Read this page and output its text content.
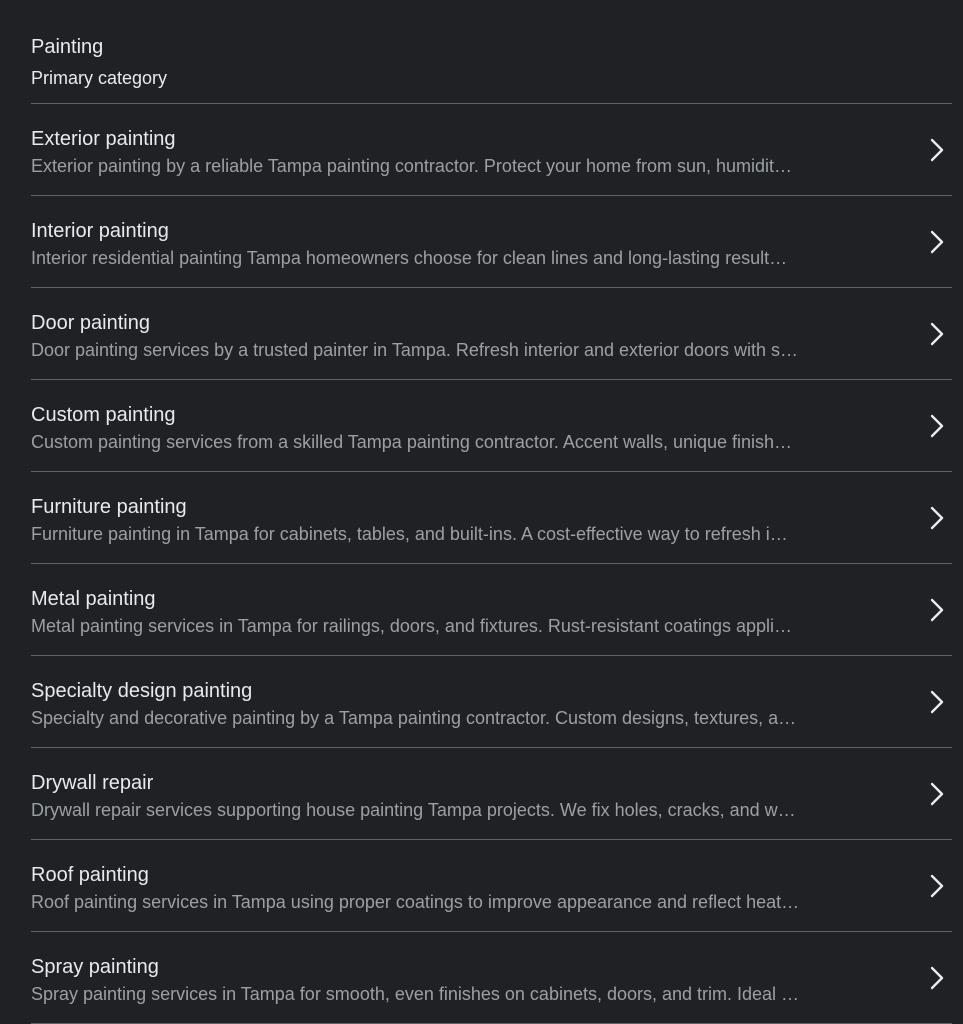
Painting
Primary category
Exterior painting
Exterior painting by a reliable Tampa painting contractor. Protect your home from sun, humidit…
Interior painting
Interior residential painting Tampa homeowners choose for clean lines and long-lasting result…
Door painting
Door painting services by a trusted painter in Tampa. Refresh interior and exterior doors with s…
Custom painting
Custom painting services from a skilled Tampa painting contractor. Accent walls, unique finish…
Furniture painting
Furniture painting in Tampa for cabinets, tables, and built-ins. A cost-effective way to refresh i…
Metal painting
Metal painting services in Tampa for railings, doors, and fixtures. Rust-resistant coatings appli…
Specialty design painting
Specialty and decorative painting by a Tampa painting contractor. Custom designs, textures, a…
Drywall repair
Drywall repair services supporting house painting Tampa projects. We fix holes, cracks, and w…
Roof painting
Roof painting services in Tampa using proper coatings to improve appearance and reflect heat…
Spray painting
Spray painting services in Tampa for smooth, even finishes on cabinets, doors, and trim. Ideal …
